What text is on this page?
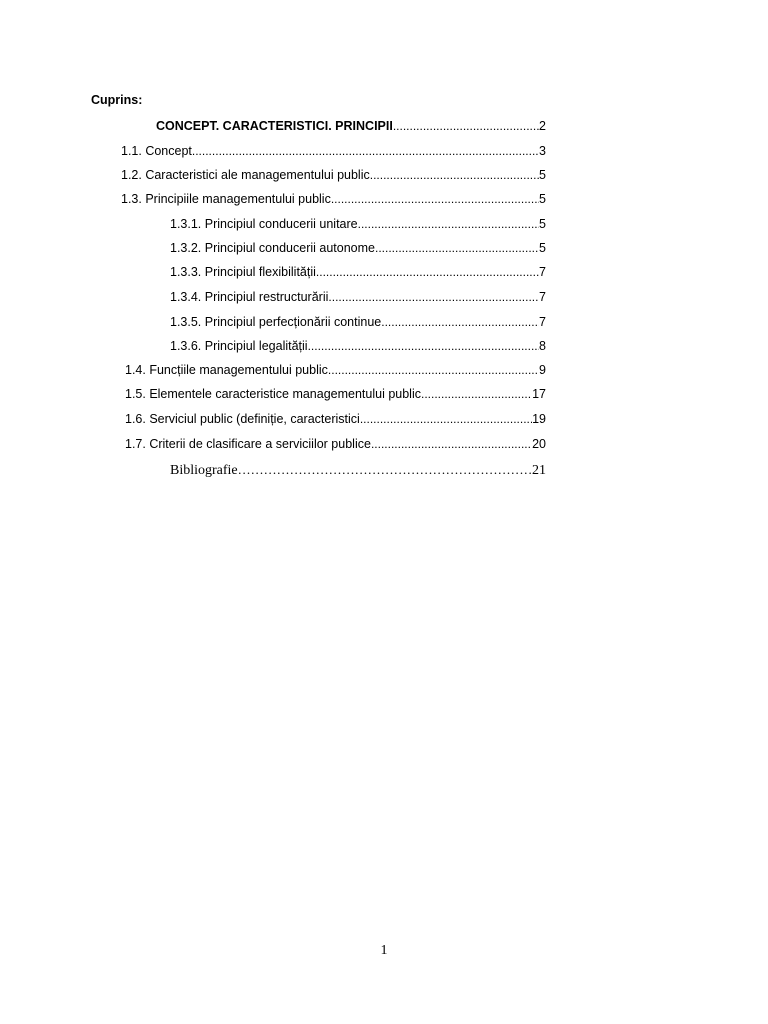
Cuprins:
CONCEPT. CARACTERISTICI. PRINCIPII .....	2
1.1. Concept .....	3
1.2. Caracteristici ale managementului public .....	5
1.3. Principiile managementului public .....	5
1.3.1. Principiul conducerii unitare .....	5
1.3.2. Principiul conducerii autonome .....	5
1.3.3. Principiul flexibilității .....	7
1.3.4. Principiul restructurării .....	7
1.3.5. Principiul perfecționării continue .....	7
1.3.6. Principiul legalității .....	8
1.4. Funcțiile managementului public .....	9
1.5. Elementele caracteristice managementului public .....	17
1.6. Serviciul public (definiție, caracteristici .....	19
1.7. Criterii de clasificare a serviciilor publice .....	20
Bibliografie …………………………………………………………………………………………………………………………………………………………………………………	21
1
